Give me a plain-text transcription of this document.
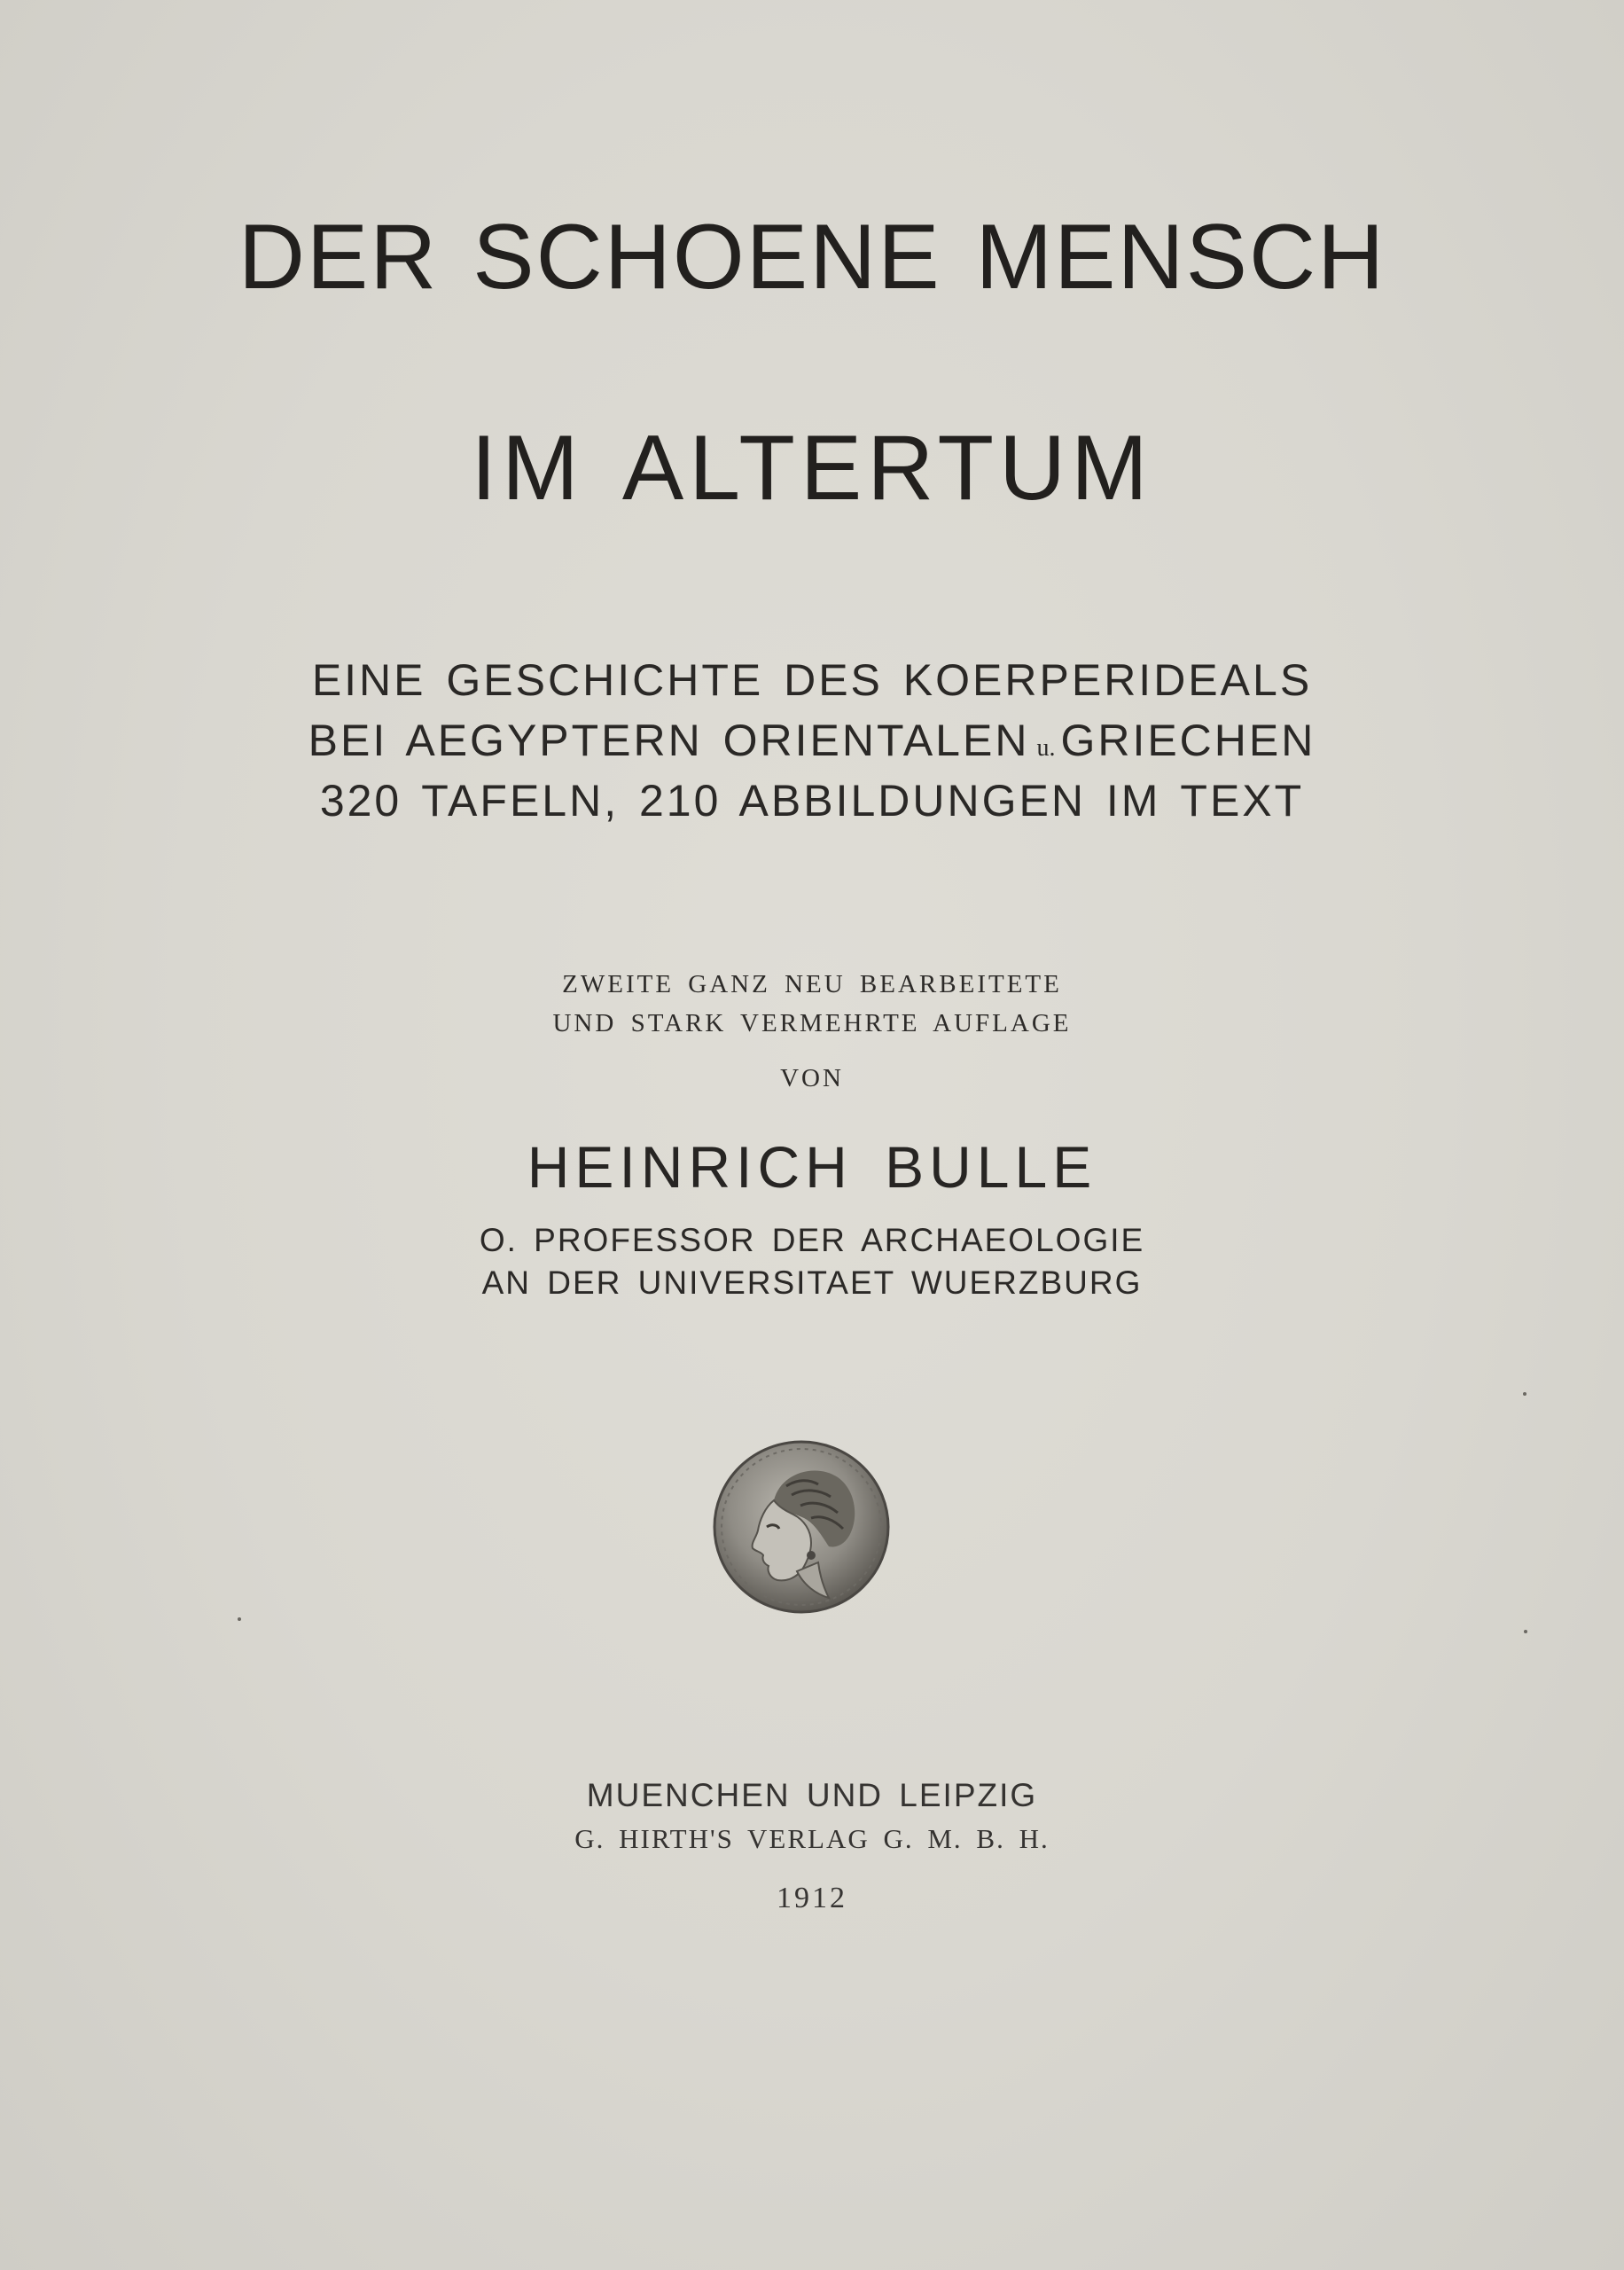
DER SCHOENE MENSCH
IM ALTERTUM
EINE GESCHICHTE DES KOERPERIDEALS
BEI AEGYPTERN ORIENTALEN u. GRIECHEN
320 TAFELN, 210 ABBILDUNGEN IM TEXT
ZWEITE GANZ NEU BEARBEITETE
UND STARK VERMEHRTE AUFLAGE
VON
HEINRICH BULLE
O. PROFESSOR DER ARCHAEOLOGIE
AN DER UNIVERSITAET WUERZBURG
MUENCHEN UND LEIPZIG
G. HIRTH'S VERLAG G. M. B. H.
1912
